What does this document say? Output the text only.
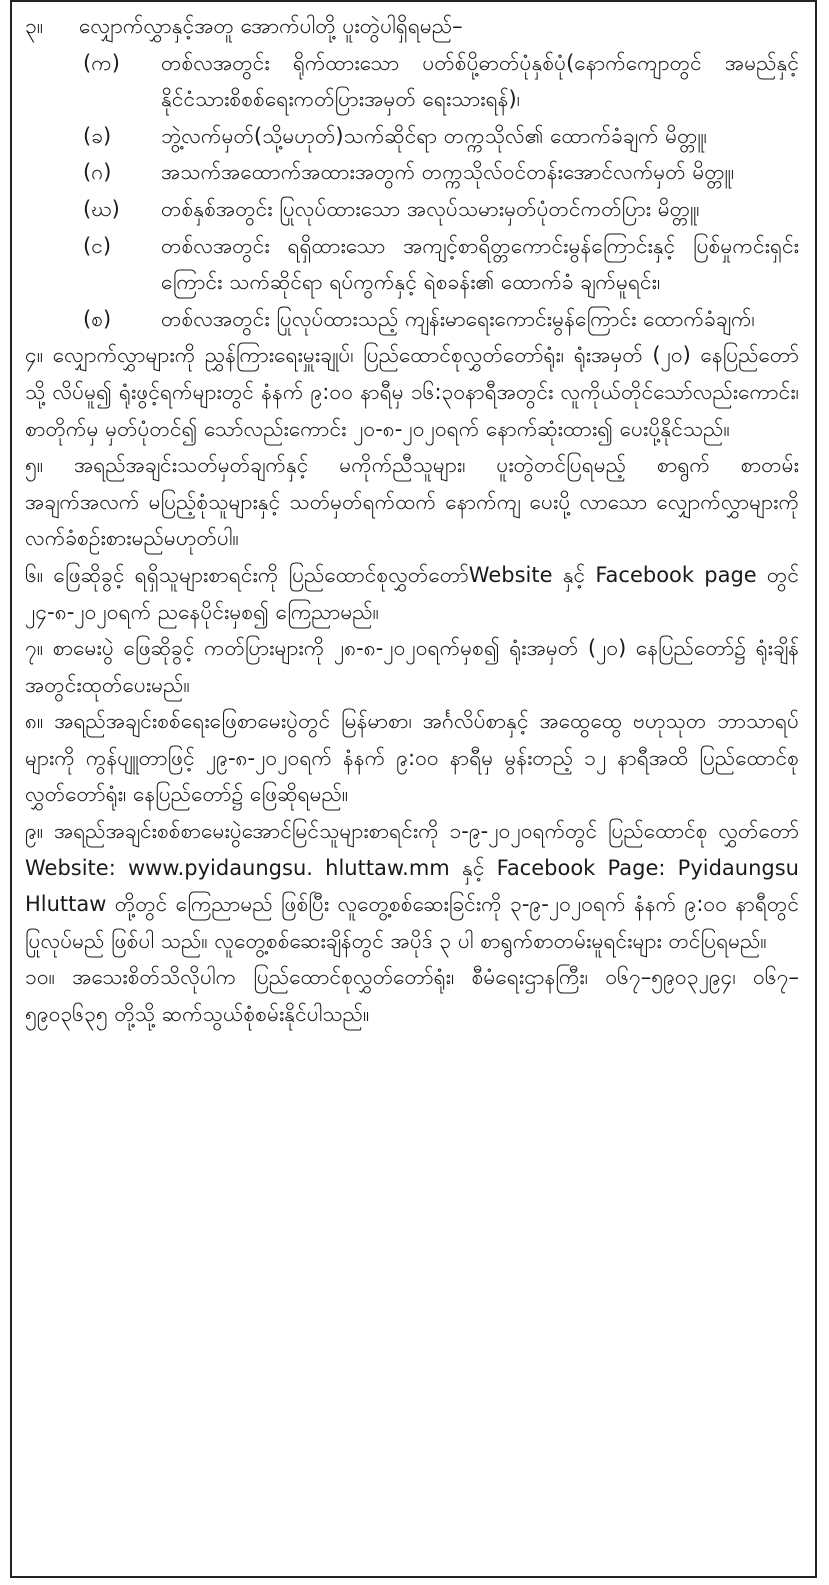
၃။	လျှောက်လွှာနှင့်အတူ အောက်ပါတို့ ပူးတွဲပါရှိရမည်–
(က)	တစ်လအတွင်း ရိုက်ထားသော ပတ်စ်ပို့ဓာတ်ပုံနှစ်ပုံ(နောက်ကျောတွင် အမည်နှင့် နိုင်ငံသားစိစစ်ရေးကတ်ပြားအမှတ် ရေးသားရန်)၊
(ခ)	ဘွဲ့လက်မှတ်(သို့မဟုတ်)သက်ဆိုင်ရာ တက္ကသိုလ်၏ ထောက်ခံချက် မိတ္တူ၊
(ဂ)	အသက်အထောက်အထားအတွက် တက္ကသိုလ်ဝင်တန်းအောင်လက်မှတ် မိတ္တူ၊
(ဃ)	တစ်နှစ်အတွင်း ပြုလုပ်ထားသော အလုပ်သမားမှတ်ပုံတင်ကတ်ပြား မိတ္တူ၊
(င)	တစ်လအတွင်း ရရှိထားသော အကျင့်စာရိတ္တကောင်းမွန်ကြောင်းနှင့် ပြစ်မှုကင်းရှင်းကြောင်း သက်ဆိုင်ရာ ရပ်ကွက်နှင့် ရဲစခန်း၏ ထောက်ခံ ချက်မူရင်း၊
(စ)	တစ်လအတွင်း ပြုလုပ်ထားသည့် ကျန်းမာရေးကောင်းမွန်ကြောင်း ထောက်ခံချက်၊

၄။ လျှောက်လွှာများကို ညွှန်ကြားရေးမှူးချုပ်၊ ပြည်ထောင်စုလွှတ်တော်ရုံး၊ ရုံးအမှတ် (၂၀) နေပြည်တော်သို့ လိပ်မူ၍ ရုံးဖွင့်ရက်များတွင် နံနက် ၉:၀၀ နာရီမှ ၁၆:၃၀နာရီအတွင်း လူကိုယ်တိုင်သော်လည်းကောင်း၊ စာတိုက်မှ မှတ်ပုံတင်၍ သော်လည်းကောင်း ၂၀-၈-၂၀၂၀ရက် နောက်ဆုံးထား၍ ပေးပို့နိုင်သည်။

၅။ အရည်အချင်းသတ်မှတ်ချက်နှင့် မကိုက်ညီသူများ၊ ပူးတွဲတင်ပြရမည့် စာရွက် စာတမ်း အချက်အလက် မပြည့်စုံသူများနှင့် သတ်မှတ်ရက်ထက် နောက်ကျ ပေးပို့ လာသော လျှောက်လွှာများကို လက်ခံစဉ်းစားမည်မဟုတ်ပါ။

၆။ ဖြေဆိုခွင့် ရရှိသူများစာရင်းကို ပြည်ထောင်စုလွှတ်တော်Website နှင့် Facebook page တွင် ၂၄-၈-၂၀၂၀ရက် ညနေပိုင်းမှစ၍ ကြေညာမည်။

၇။ စာမေးပွဲ ဖြေဆိုခွင့် ကတ်ပြားများကို ၂၈-၈-၂၀၂၀ရက်မှစ၍ ရုံးအမှတ် (၂၀) နေပြည်တော်၌ ရုံးချိန်အတွင်းထုတ်ပေးမည်။

၈။ အရည်အချင်းစစ်ရေးဖြေစာမေးပွဲတွင် မြန်မာစာ၊ အင်္ဂလိပ်စာနှင့် အထွေထွေ ဗဟုသုတ ဘာသာရပ်များကို ကွန်ပျူတာဖြင့် ၂၉-၈-၂၀၂၀ရက် နံနက် ၉:၀၀ နာရီမှ မွန်းတည့် ၁၂ နာရီအထိ ပြည်ထောင်စုလွှတ်တော်ရုံး၊ နေပြည်တော်၌ ဖြေဆိုရမည်။

၉။ အရည်အချင်းစစ်စာမေးပွဲအောင်မြင်သူများစာရင်းကို ၁-၉-၂၀၂၀ရက်တွင် ပြည်ထောင်စု လွှတ်တော် Website: www.pyidaungsu. hluttaw.mm နှင့် Facebook Page: Pyidaungsu Hluttaw တို့တွင် ကြေညာမည် ဖြစ်ပြီး လူတွေ့စစ်ဆေးခြင်းကို ၃-၉-၂၀၂၀ရက် နံနက် ၉:၀၀ နာရီတွင် ပြုလုပ်မည် ဖြစ်ပါ သည်။ လူတွေ့စစ်ဆေးချိန်တွင် အပိုဒ် ၃ ပါ စာရွက်စာတမ်းမူရင်းများ တင်ပြရမည်။

၁၀။ အသေးစိတ်သိလိုပါက ပြည်ထောင်စုလွှတ်တော်ရုံး၊ စီမံရေးဌာနကြီး၊ ၀၆၇–၅၉၀၃၂၉၄၊ ၀၆၇–၅၉၀၃၆၃၅ တို့သို့ ဆက်သွယ်စုံစမ်းနိုင်ပါသည်။
